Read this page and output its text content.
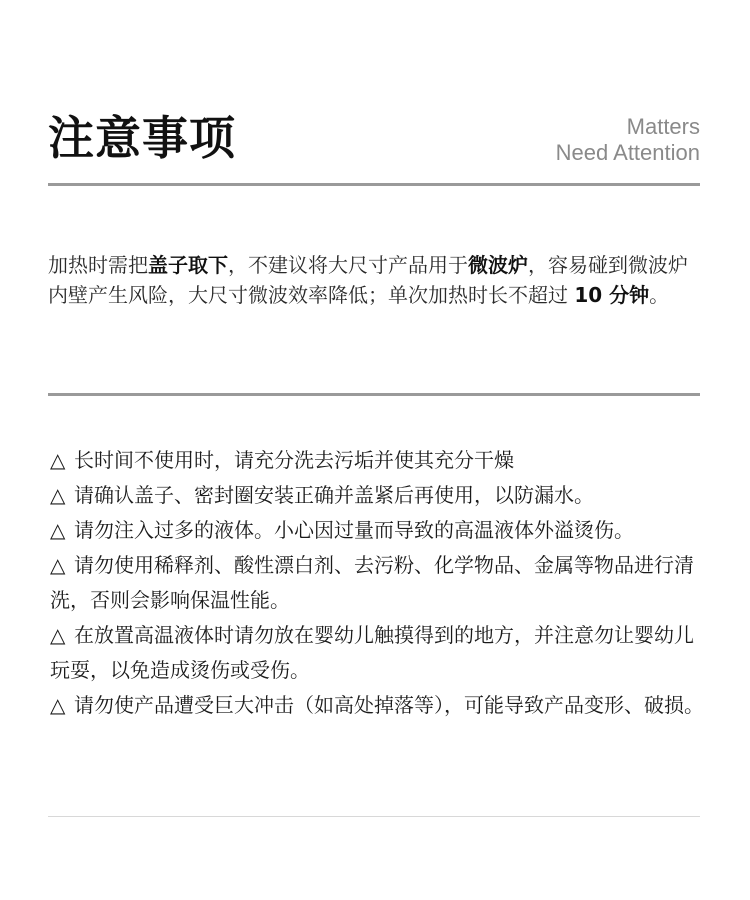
注意事项	Matters
Need Attention

加热时需把盖子取下，不建议将大尺寸产品用于微波炉，容易碰到微波炉内壁产生风险，大尺寸微波效率降低；单次加热时长不超过 10 分钟。

△ 长时间不使用时，请充分洗去污垢并使其充分干燥
△ 请确认盖子、密封圈安装正确并盖紧后再使用，以防漏水。
△ 请勿注入过多的液体。小心因过量而导致的高温液体外溢烫伤。
△ 请勿使用稀释剂、酸性漂白剂、去污粉、化学物品、金属等物品进行清洗，否则会影响保温性能。
△ 在放置高温液体时请勿放在婴幼儿触摸得到的地方，并注意勿让婴幼儿玩耍，以免造成烫伤或受伤。
△ 请勿使产品遭受巨大冲击（如高处掉落等），可能导致产品变形、破损。
